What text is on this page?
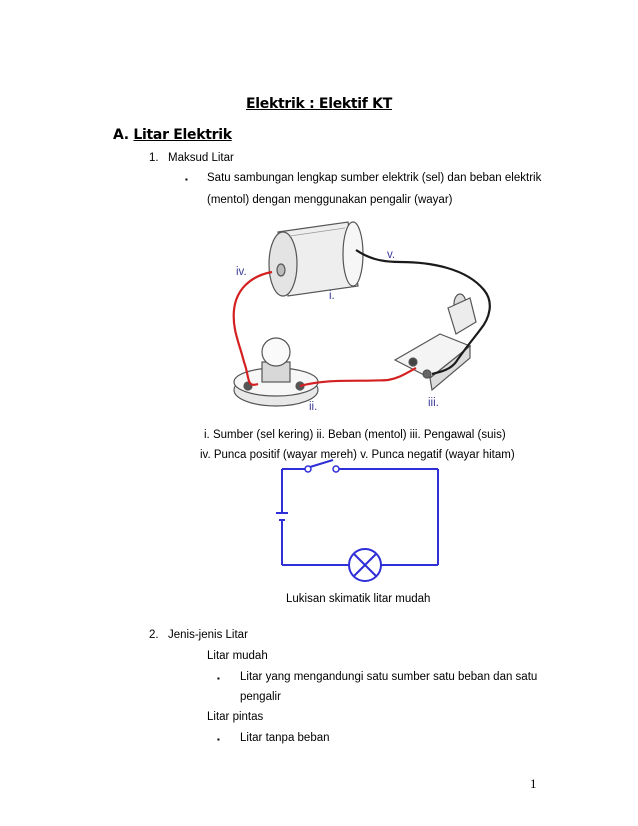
Elektrik : Elektif KT
A. Litar Elektrik
1. Maksud Litar
▪ Satu sambungan lengkap sumber elektrik (sel) dan beban elektrik
(mentol) dengan menggunakan pengalir (wayar)
iv.
v.
i.
ii.	iii.
i. Sumber (sel kering) ii. Beban (mentol) iii. Pengawal (suis)
iv. Punca positif (wayar mereh) v. Punca negatif (wayar hitam)
Lukisan skimatik litar mudah
2. Jenis-jenis Litar
Litar mudah
▪ Litar yang mengandungi satu sumber satu beban dan satu
pengalir
Litar pintas
▪ Litar tanpa beban
1
